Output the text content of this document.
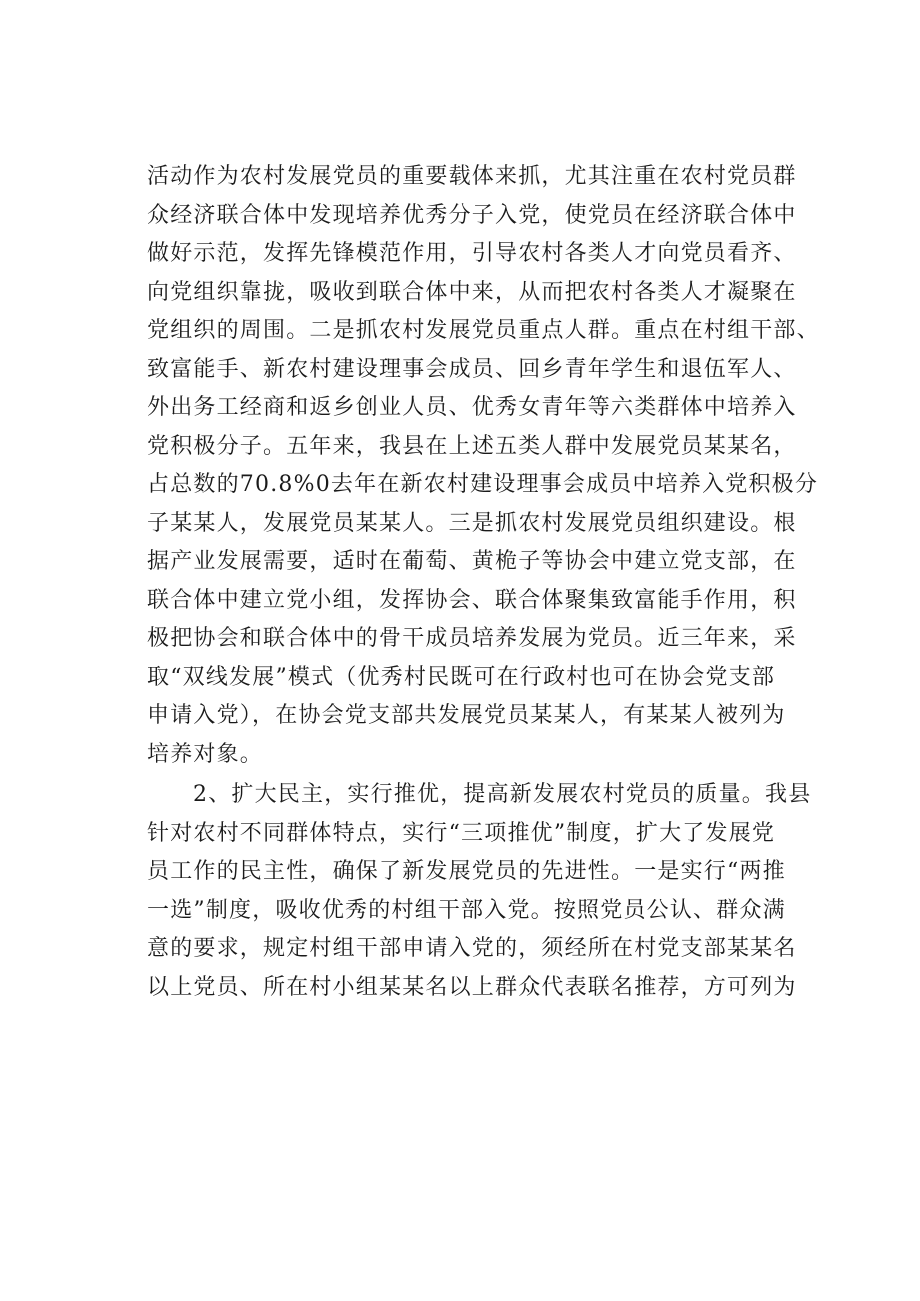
活动作为农村发展党员的重要载体来抓，尤其注重在农村党员群
众经济联合体中发现培养优秀分子入党，使党员在经济联合体中
做好示范，发挥先锋模范作用，引导农村各类人才向党员看齐、
向党组织靠拢，吸收到联合体中来，从而把农村各类人才凝聚在
党组织的周围。二是抓农村发展党员重点人群。重点在村组干部、
致富能手、新农村建设理事会成员、回乡青年学生和退伍军人、
外出务工经商和返乡创业人员、优秀女青年等六类群体中培养入
党积极分子。五年来，我县在上述五类人群中发展党员某某名，
占总数的70.8%0去年在新农村建设理事会成员中培养入党积极分
子某某人，发展党员某某人。三是抓农村发展党员组织建设。根
据产业发展需要，适时在葡萄、黄桅子等协会中建立党支部，在
联合体中建立党小组，发挥协会、联合体聚集致富能手作用，积
极把协会和联合体中的骨干成员培养发展为党员。近三年来，采
取“双线发展”模式（优秀村民既可在行政村也可在协会党支部
申请入党），在协会党支部共发展党员某某人，有某某人被列为
培养对象。
2、扩大民主，实行推优，提高新发展农村党员的质量。我县
针对农村不同群体特点，实行“三项推优”制度，扩大了发展党
员工作的民主性，确保了新发展党员的先进性。一是实行“两推
一选”制度，吸收优秀的村组干部入党。按照党员公认、群众满
意的要求，规定村组干部申请入党的，须经所在村党支部某某名
以上党员、所在村小组某某名以上群众代表联名推荐，方可列为
